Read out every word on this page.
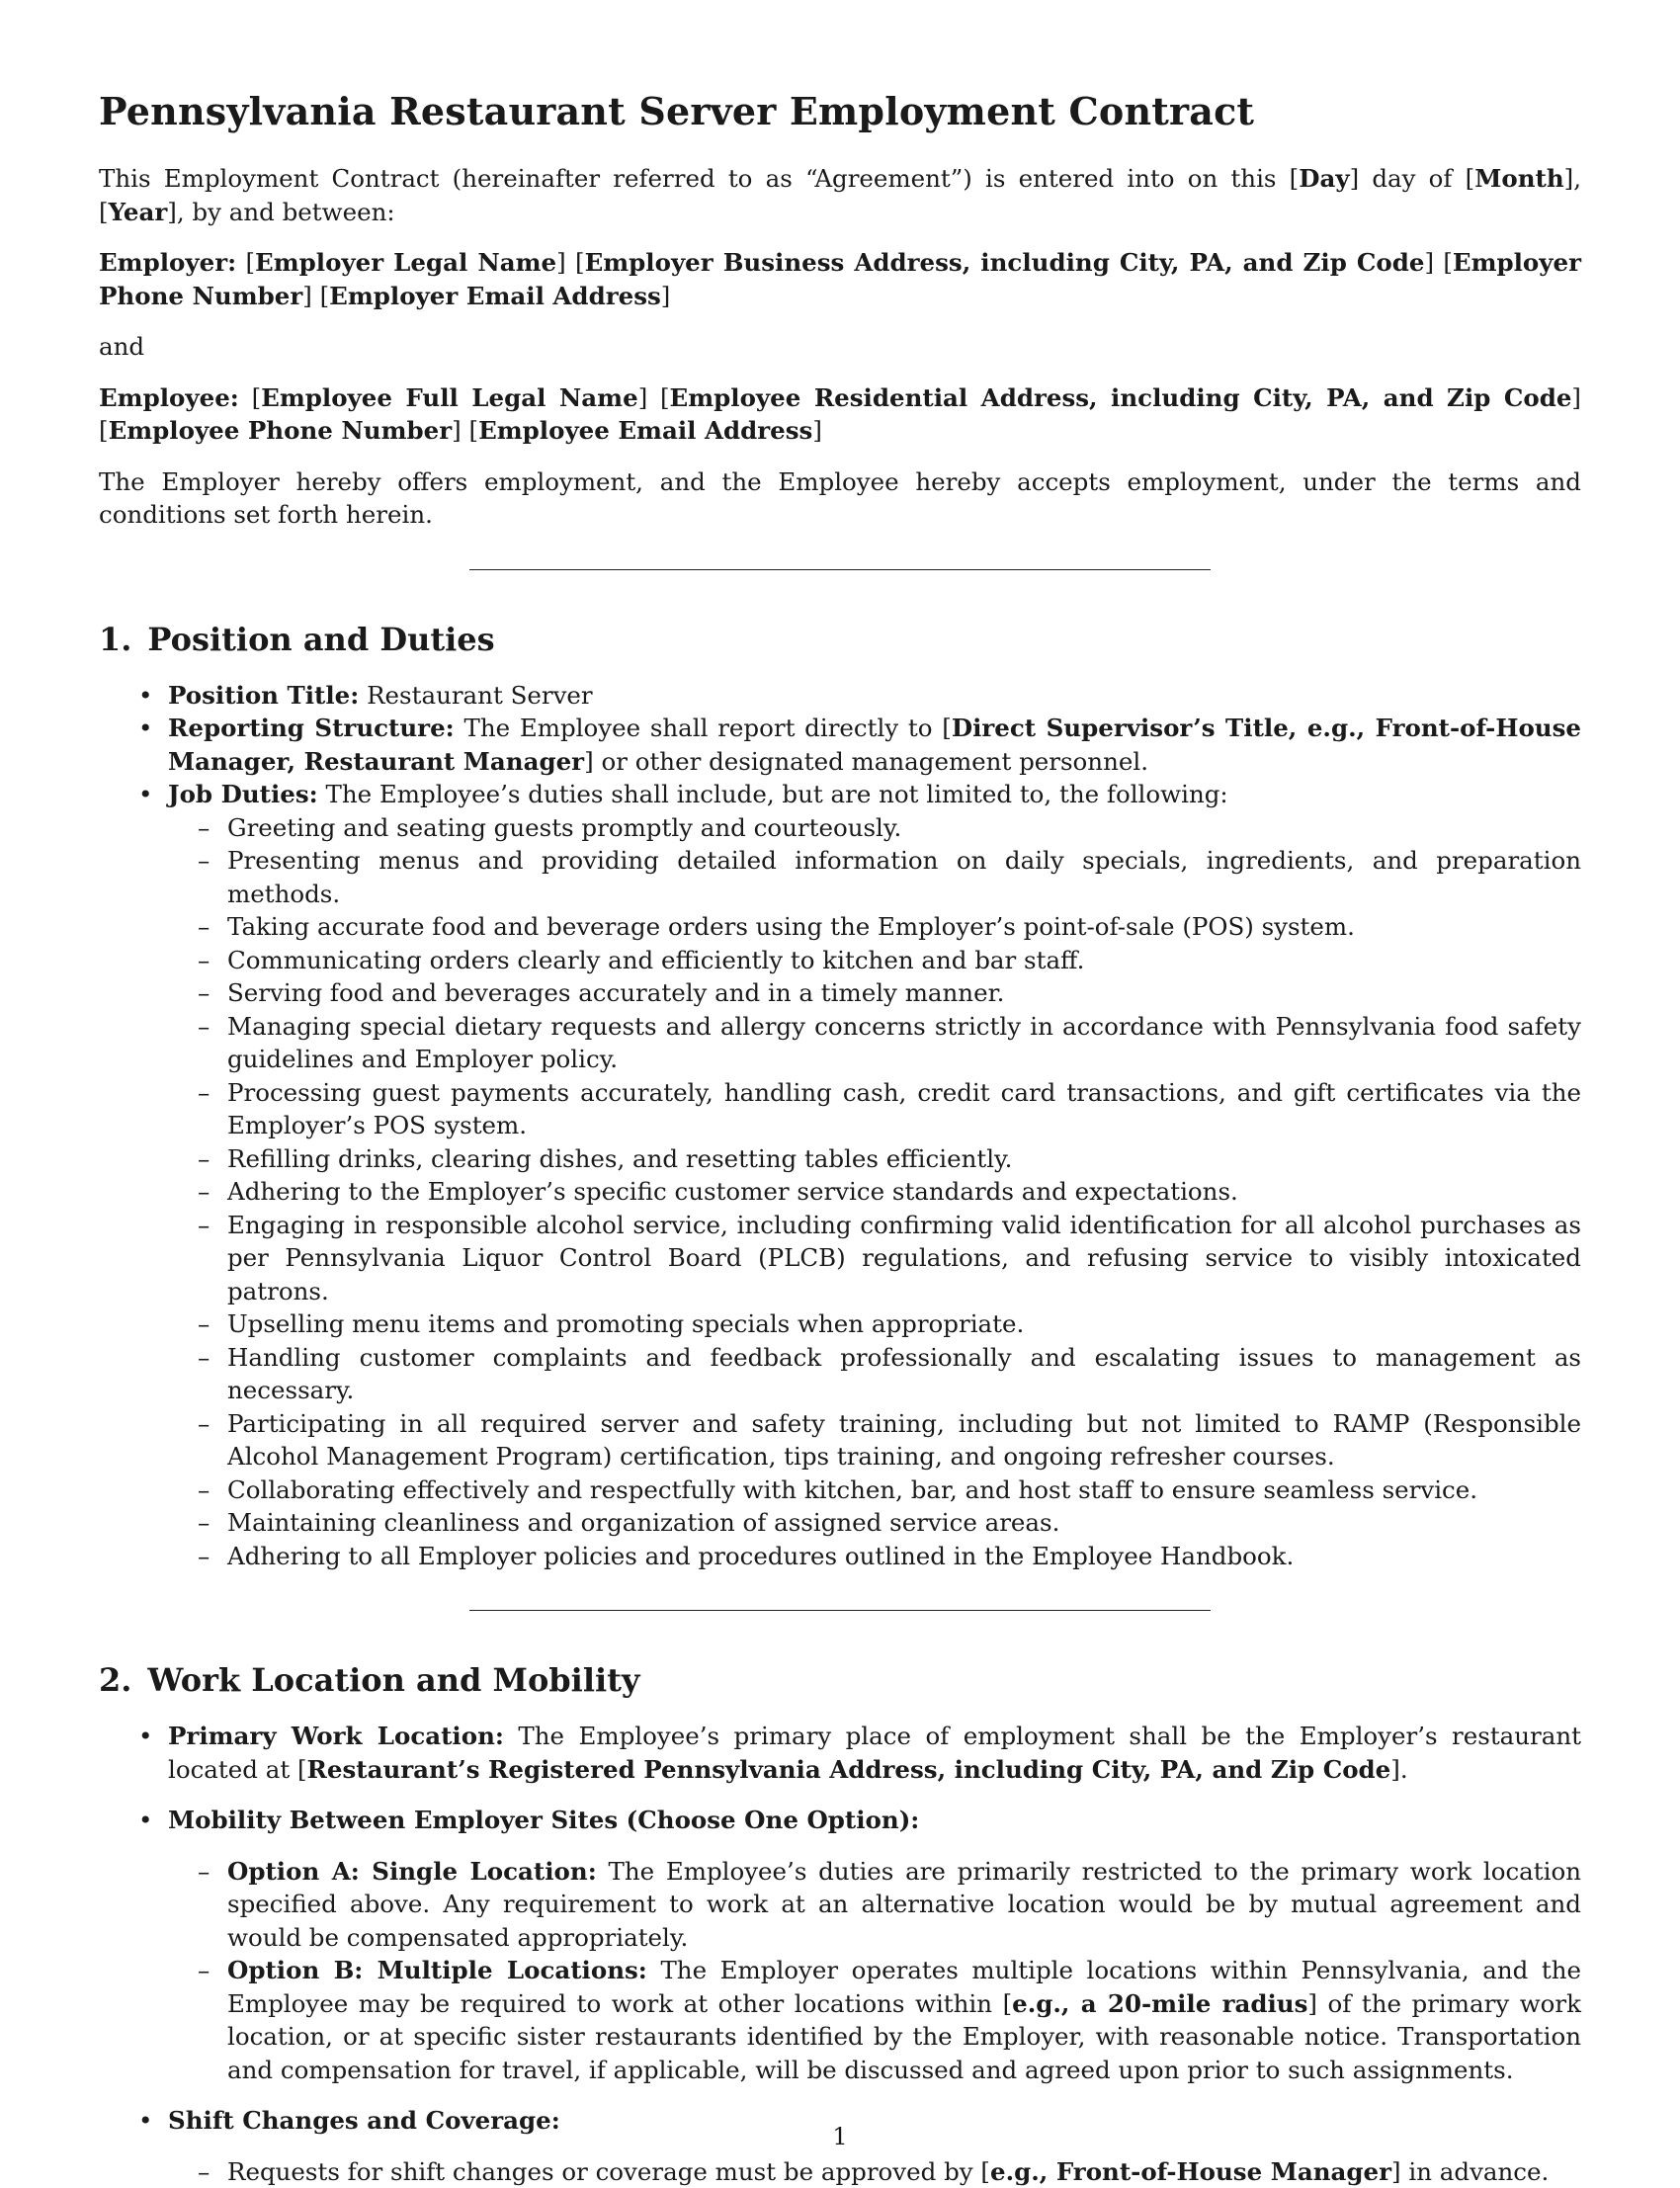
Pennsylvania Restaurant Server Employment Contract

This Employment Contract (hereinafter referred to as “Agreement”) is entered into on this [Day] day of [Month], [Year], by and between:

Employer: [Employer Legal Name] [Employer Business Address, including City, PA, and Zip Code] [Employer Phone Number] [Employer Email Address]

and

Employee: [Employee Full Legal Name] [Employee Residential Address, including City, PA, and Zip Code] [Employee Phone Number] [Employee Email Address]

The Employer hereby offers employment, and the Employee hereby accepts employment, under the terms and conditions set forth herein.

1. Position and Duties
• Position Title: Restaurant Server
• Reporting Structure: The Employee shall report directly to [Direct Supervisor’s Title, e.g., Front-of-House Manager, Restaurant Manager] or other designated management personnel.
• Job Duties: The Employee’s duties shall include, but are not limited to, the following:
– Greeting and seating guests promptly and courteously.
– Presenting menus and providing detailed information on daily specials, ingredients, and preparation methods.
– Taking accurate food and beverage orders using the Employer’s point-of-sale (POS) system.
– Communicating orders clearly and efficiently to kitchen and bar staff.
– Serving food and beverages accurately and in a timely manner.
– Managing special dietary requests and allergy concerns strictly in accordance with Pennsylvania food safety guidelines and Employer policy.
– Processing guest payments accurately, handling cash, credit card transactions, and gift certificates via the Employer’s POS system.
– Refilling drinks, clearing dishes, and resetting tables efficiently.
– Adhering to the Employer’s specific customer service standards and expectations.
– Engaging in responsible alcohol service, including confirming valid identification for all alcohol purchases as per Pennsylvania Liquor Control Board (PLCB) regulations, and refusing service to visibly intoxicated patrons.
– Upselling menu items and promoting specials when appropriate.
– Handling customer complaints and feedback professionally and escalating issues to management as necessary.
– Participating in all required server and safety training, including but not limited to RAMP (Responsible Alcohol Management Program) certification, tips training, and ongoing refresher courses.
– Collaborating effectively and respectfully with kitchen, bar, and host staff to ensure seamless service.
– Maintaining cleanliness and organization of assigned service areas.
– Adhering to all Employer policies and procedures outlined in the Employee Handbook.
2. Work Location and Mobility
• Primary Work Location: The Employee’s primary place of employment shall be the Employer’s restaurant located at [Restaurant’s Registered Pennsylvania Address, including City, PA, and Zip Code].
• Mobility Between Employer Sites (Choose One Option):
– Option A: Single Location: The Employee’s duties are primarily restricted to the primary work location specified above. Any requirement to work at an alternative location would be by mutual agreement and would be compensated appropriately.
– Option B: Multiple Locations: The Employer operates multiple locations within Pennsylvania, and the Employee may be required to work at other locations within [e.g., a 20-mile radius] of the primary work location, or at specific sister restaurants identified by the Employer, with reasonable notice. Transportation and compensation for travel, if applicable, will be discussed and agreed upon prior to such assignments.
• Shift Changes and Coverage:
– Requests for shift changes or coverage must be approved by [e.g., Front-of-House Manager] in advance.
1
